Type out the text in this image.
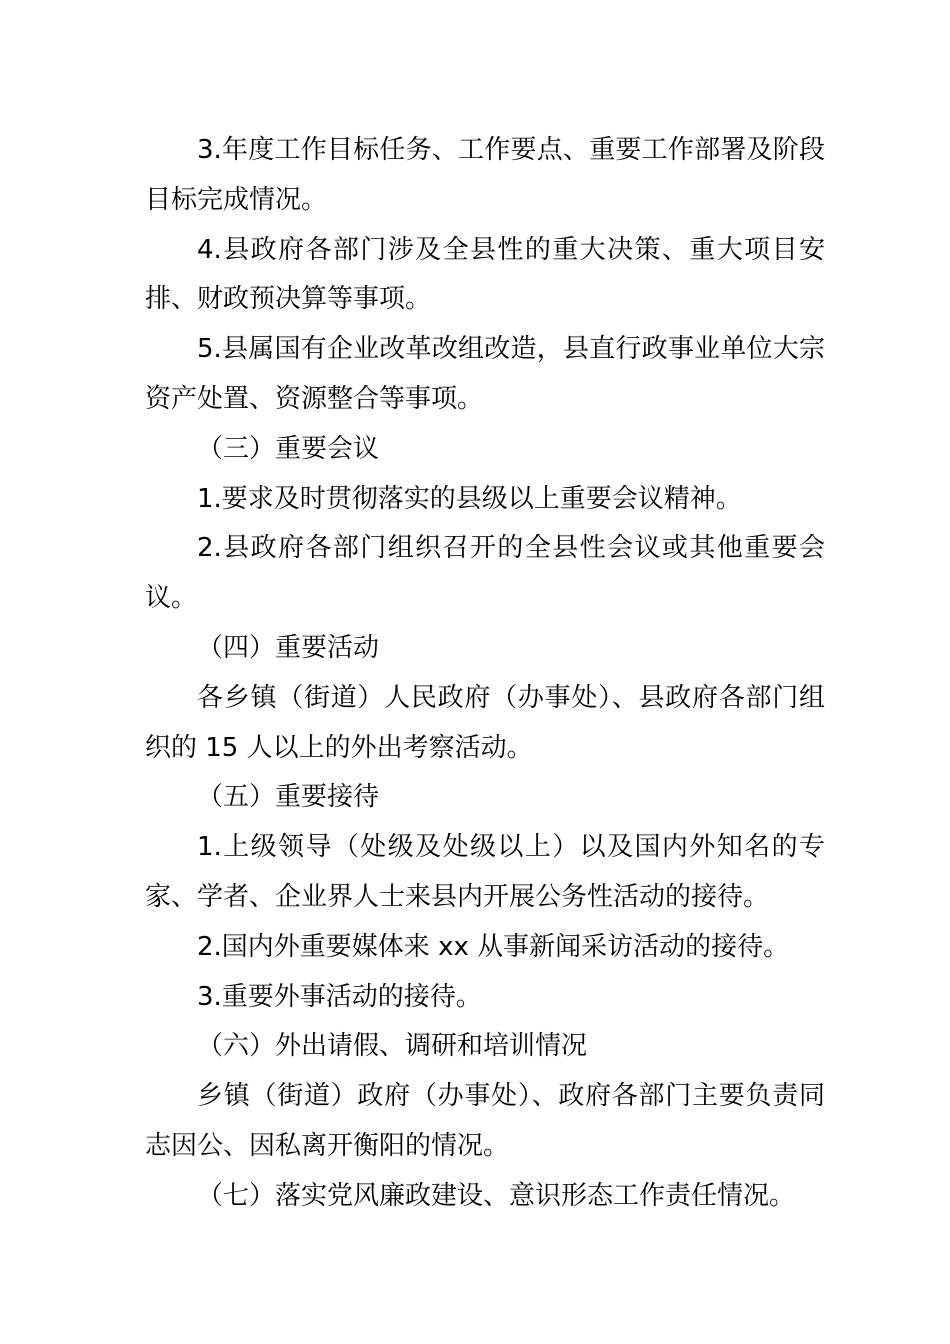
3.年度工作目标任务、工作要点、重要工作部署及阶段目标完成情况。

4.县政府各部门涉及全县性的重大决策、重大项目安排、财政预决算等事项。

5.县属国有企业改革改组改造，县直行政事业单位大宗资产处置、资源整合等事项。

（三）重要会议

1.要求及时贯彻落实的县级以上重要会议精神。

2.县政府各部门组织召开的全县性会议或其他重要会议。

（四）重要活动

各乡镇（街道）人民政府（办事处）、县政府各部门组织的 15 人以上的外出考察活动。

（五）重要接待

1.上级领导（处级及处级以上）以及国内外知名的专家、学者、企业界人士来县内开展公务性活动的接待。

2.国内外重要媒体来 xx 从事新闻采访活动的接待。

3.重要外事活动的接待。

（六）外出请假、调研和培训情况

乡镇（街道）政府（办事处）、政府各部门主要负责同志因公、因私离开衡阳的情况。

（七）落实党风廉政建设、意识形态工作责任情况。
